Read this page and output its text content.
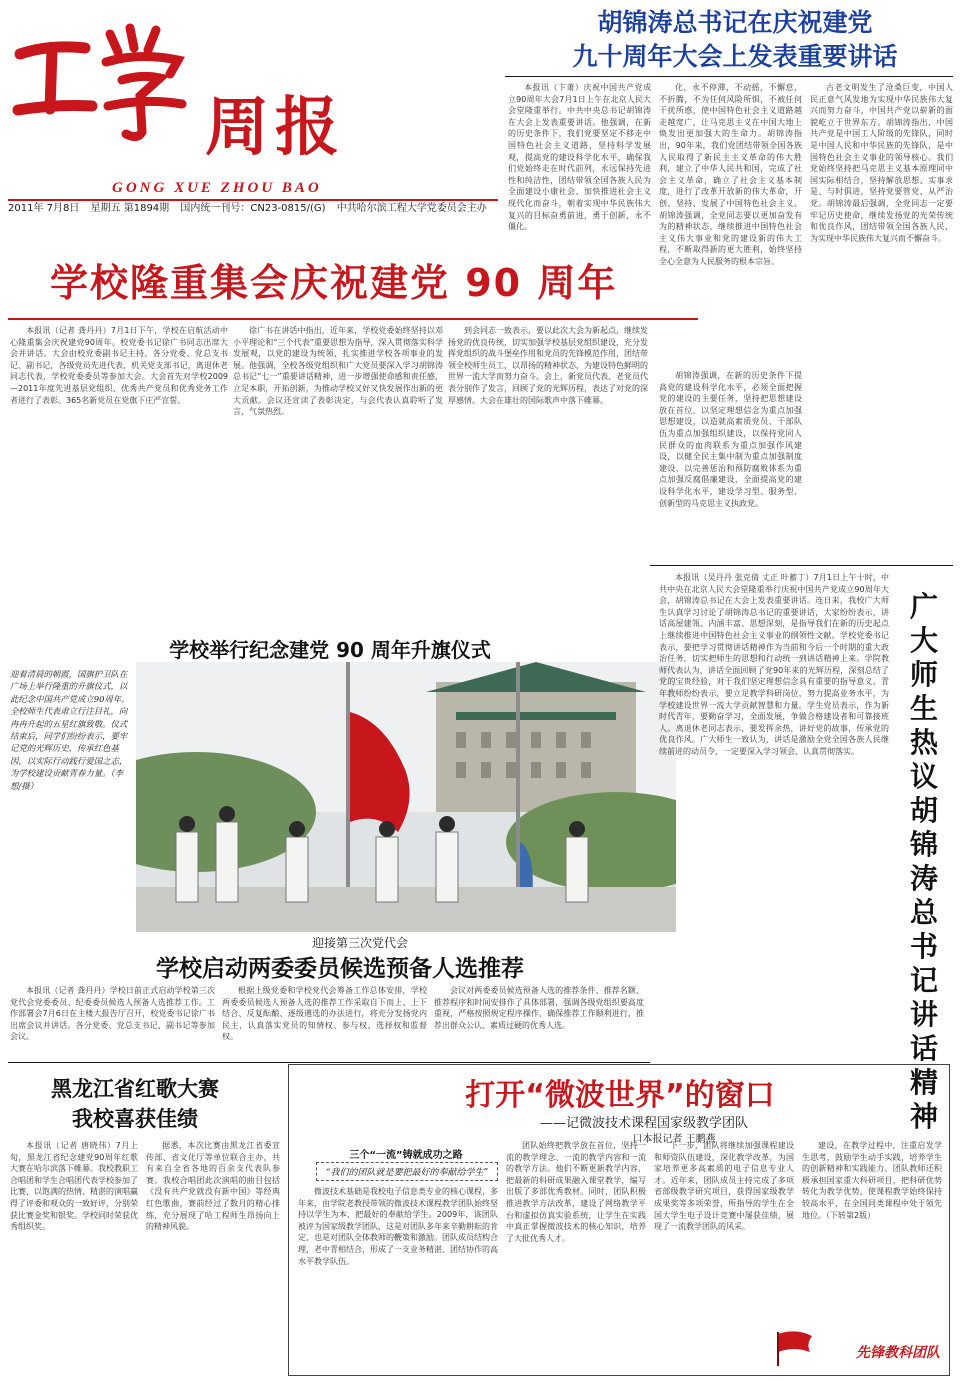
周报
GONG XUE ZHOU BAO
2011年 7月8日 星期五 第1894期 国内统一刊号：CN23-0815/(G) 中共哈尔滨工程大学党委员会主办
胡锦涛总书记在庆祝建党
九十周年大会上发表重要讲话

本报讯（卞萧）庆祝中国共产党成立90周年大会7月1日上午在北京人民大会堂隆重举行。中共中央总书记胡锦涛在大会上发表重要讲话。他强调，在新的历史条件下，我们党要坚定不移走中国特色社会主义道路，坚持科学发展观，提高党的建设科学化水平，确保我们党始终走在时代前列，永远保持先进性和纯洁性，团结带领全国各族人民为全面建设小康社会、加快推进社会主义现代化而奋斗，朝着实现中华民族伟大复兴的目标奋勇前进，勇于创新，永不僵化。

化，永不停滞，不动摇，不懈怠，不折腾，不为任何风险所惧，不被任何干扰所惑，使中国特色社会主义道路越走越宽广，让马克思主义在中国大地上焕发出更加强大的生命力。胡锦涛指出，90年来，我们党团结带领全国各族人民取得了新民主主义革命的伟大胜利，建立了中华人民共和国，完成了社会主义革命，确立了社会主义基本制度，进行了改革开放新的伟大革命，开创、坚持、发展了中国特色社会主义。胡锦涛强调，全党同志要以更加奋发有为的精神状态，继续推进中国特色社会主义伟大事业和党的建设新的伟大工程，不断取得新的更大胜利，始终坚持全心全意为人民服务的根本宗旨。

古老文明发生了沧桑巨变，中国人民正意气风发地为实现中华民族伟大复兴而努力奋斗，中国共产党以崭新的面貌屹立于世界东方。胡锦涛指出，中国共产党是中国工人阶级的先锋队，同时是中国人民和中华民族的先锋队，是中国特色社会主义事业的领导核心。我们党始终坚持把马克思主义基本原理同中国实际相结合，坚持解放思想、实事求是、与时俱进，坚持党要管党、从严治党。胡锦涛最后强调，全党同志一定要牢记历史使命，继续发扬党的光荣传统和优良作风，团结带领全国各族人民，为实现中华民族伟大复兴而不懈奋斗。

学校隆重集会庆祝建党 90 周年

本报讯（记者 龚丹丹）7月1日下午，学校在启航活动中心隆重集会庆祝建党90周年。校党委书记徐广书同志出席大会并讲话。大会由校党委副书记主持。各分党委、党总支书记、副书记，各级党员先进代表，机关党支部书记，离退休老同志代表，学校党委委员等参加大会。大会首先对学校2009—2011年度先进基层党组织、优秀共产党员和优秀党务工作者进行了表彰。365名新党员在党旗下庄严宣誓。

徐广书在讲话中指出，近年来，学校党委始终坚持以邓小平理论和“三个代表”重要思想为指导，深入贯彻落实科学发展观，以党的建设为统领，扎实推进学校各项事业的发展。他强调，全校各级党组织和广大党员要深入学习胡锦涛总书记“七一”重要讲话精神，进一步增强使命感和责任感，立足本职，开拓创新，为推动学校又好又快发展作出新的更大贡献。会议还宣读了表彰决定，与会代表认真聆听了发言，气氛热烈。

到会同志一致表示，要以此次大会为新起点，继续发扬党的优良传统，切实加强学校基层党组织建设，充分发挥党组织的战斗堡垒作用和党员的先锋模范作用，团结带领全校师生员工，以昂扬的精神状态，为建设特色鲜明的世界一流大学而努力奋斗。会上，新党员代表、老党员代表分别作了发言，回顾了党的光辉历程，表达了对党的深厚感情。大会在雄壮的国际歌声中落下帷幕。

胡锦涛强调，在新的历史条件下提高党的建设科学化水平，必须全面把握党的建设的主要任务，坚持把思想建设放在首位，以坚定理想信念为重点加强思想建设，以造就高素质党员、干部队伍为重点加强组织建设，以保持党同人民群众的血肉联系为重点加强作风建设，以健全民主集中制为重点加强制度建设，以完善惩治和预防腐败体系为重点加强反腐倡廉建设，全面提高党的建设科学化水平，建设学习型、服务型、创新型的马克思主义执政党。

学校举行纪念建党 90 周年升旗仪式
迎着清晨的朝霞，国旗护卫队在广场上举行隆重的升旗仪式，以此纪念中国共产党成立90周年。全校师生代表肃立行注目礼，向冉冉升起的五星红旗致敬。仪式结束后，同学们纷纷表示，要牢记党的光辉历史，传承红色基因，以实际行动践行爱国之志，为学校建设贡献青春力量。（李想/摄）

本报讯（吴丹丹 张克倩 丈正 叶蓄丁）7月1日上午十时，中共中央在北京人民大会堂隆重举行庆祝中国共产党成立90周年大会，胡锦涛总书记在大会上发表重要讲话。连日来，我校广大师生认真学习讨论了胡锦涛总书记的重要讲话，大家纷纷表示，讲话高屋建瓴、内涵丰富、思想深刻，是指导我们在新的历史起点上继续推进中国特色社会主义事业的纲领性文献。学校党委书记表示，要把学习贯彻讲话精神作为当前和今后一个时期的重大政治任务，切实把师生的思想和行动统一到讲话精神上来。学院教师代表认为，讲话全面回顾了党90年来的光辉历程，深刻总结了党的宝贵经验，对于我们坚定理想信念具有重要的指导意义。青年教师纷纷表示，要立足教学科研岗位，努力提高业务水平，为学校建设世界一流大学贡献智慧和力量。学生党员表示，作为新时代青年，要勤奋学习，全面发展，争做合格建设者和可靠接班人。离退休老同志表示，要发挥余热，讲好党的故事，传承党的优良作风。广大师生一致认为，讲话是激励全党全国各族人民继续前进的动员令，一定要深入学习领会、认真贯彻落实。

广大师生热议胡锦涛总书记讲话精神
迎接第三次党代会
学校启动两委委员候选预备人选推荐

本报讯（记者 龚丹丹）学校日前正式启动学校第三次党代会党委委员、纪委委员候选人预备人选推荐工作。工作部署会7月6日在主楼大报告厅召开，校党委书记徐广书出席会议并讲话。各分党委、党总支书记、副书记等参加会议。

根据上级党委和学校党代会筹备工作总体安排，学校两委委员候选人预备人选的推荐工作采取自下而上、上下结合、反复酝酿、逐级遴选的办法进行，将充分发扬党内民主，认真落实党员的知情权、参与权、选择权和监督权。

会议对两委委员候选预备人选的推荐条件、推荐名额、推荐程序和时间安排作了具体部署，强调各级党组织要高度重视，严格按照规定程序操作，确保推荐工作顺利进行，推荐出群众公认、素质过硬的优秀人选。

黑龙江省红歌大赛
我校喜获佳绩

本报讯（记者 唐晓伟）7月上旬，黑龙江省纪念建党90周年红歌大赛在哈尔滨落下帷幕。我校教职工合唱团和学生合唱团代表学校参加了比赛，以饱满的热情、精湛的演唱赢得了评委和观众的一致好评，分别荣获比赛金奖和银奖。学校同时荣获优秀组织奖。

据悉，本次比赛由黑龙江省委宣传部、省文化厅等单位联合主办，共有来自全省各地的百余支代表队参赛。我校合唱团此次演唱的曲目包括《没有共产党就没有新中国》等经典红色歌曲，赛前经过了数月的精心排练，充分展现了哈工程师生昂扬向上的精神风貌。

打开“微波世界”的窗口
——记微波技术课程国家级教学团队
口本报记者 王鹏燕
三个“一流”铸就成功之路
“我们的团队就是要把最好的奉献给学生”

微波技术基础是我校电子信息类专业的核心课程，多年来，由学院老教授带领的微波技术课程教学团队始终坚持以学生为本，把最好的奉献给学生。2009年，该团队被评为国家级教学团队，这是对团队多年来辛勤耕耘的肯定，也是对团队全体教师的鞭策和激励。团队成员结构合理，老中青相结合，形成了一支业务精湛、团结协作的高水平教学队伍。

团队始终把教学放在首位，坚持一流的教学理念、一流的教学内容和一流的教学方法。他们不断更新教学内容，把最新的科研成果融入课堂教学，编写出版了多部优秀教材。同时，团队积极推进教学方法改革，建设了网络教学平台和虚拟仿真实验系统，让学生在实践中真正掌握微波技术的核心知识，培养了大批优秀人才。

下一步，团队将继续加强课程建设和师资队伍建设，深化教学改革，为国家培养更多高素质的电子信息专业人才。近年来，团队成员主持完成了多项省部级教学研究项目，获得国家级教学成果奖等多项荣誉，所指导的学生在全国大学生电子设计竞赛中屡获佳绩，展现了一流教学团队的风采。

建设，在教学过程中，注重启发学生思考，鼓励学生动手实践，培养学生的创新精神和实践能力。团队教师还积极承担国家重大科研项目，把科研优势转化为教学优势，使课程教学始终保持较高水平，在全国同类课程中处于领先地位。（下转第2版）

先锋教科团队
